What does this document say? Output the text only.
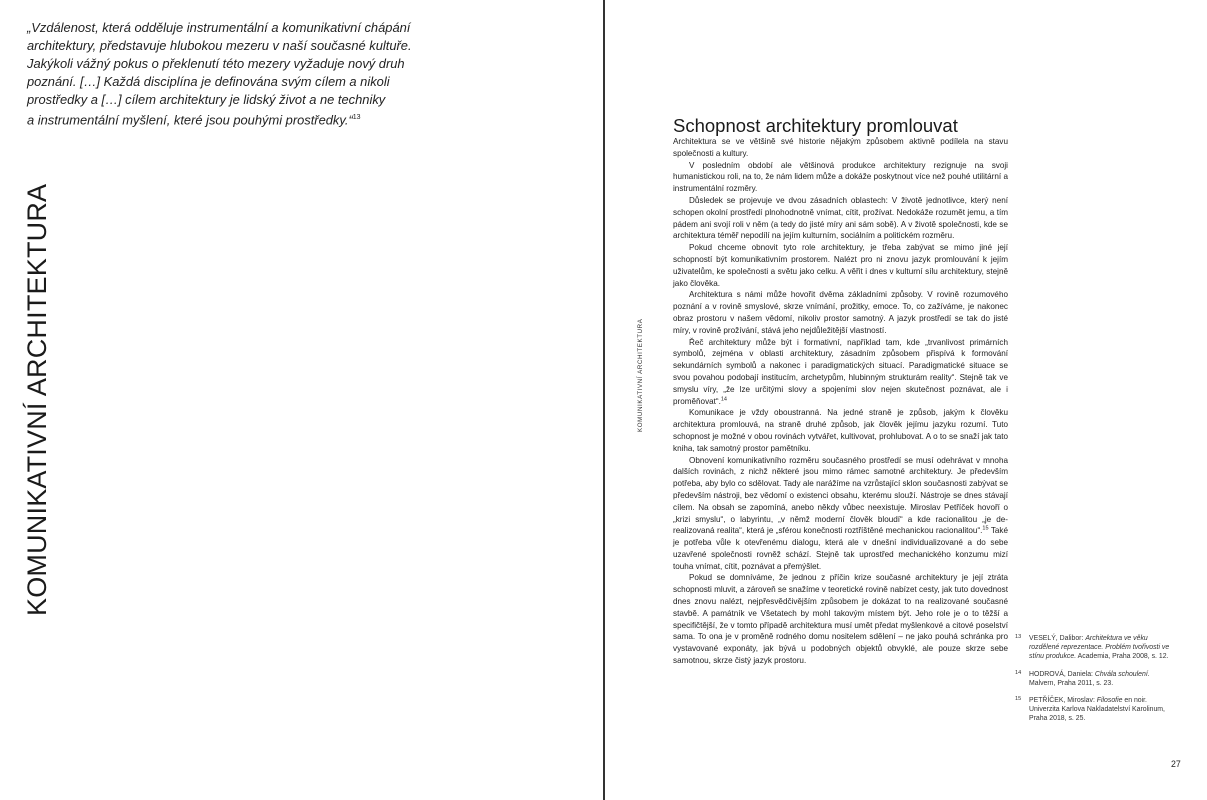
„Vzdálenost, která odděluje instrumentální a komunikativní chápání
architektury, představuje hlubokou mezeru v naší současné kultuře.
Jakýkoli vážný pokus o překlenutí této mezery vyžaduje nový druh
poznání. […] Každá disciplína je definována svým cílem a nikoli
prostředky a […] cílem architektury je lidský život a ne techniky
a instrumentální myšlení, které jsou pouhými prostředky.“$^{13}$
KOMUNIKATIVNÍ ARCHITEKTURA	KOMUNIKATIVNÍ ARCHITEKTURA

Schopnost architektury promlouvat

Architektura se ve většině své historie nějakým způsobem aktivně podílela na stavu společnosti a kultury.

V posledním období ale většinová produkce architektury rezignuje na svoji humanistickou roli, na to, že nám lidem může a dokáže poskytnout více než pouhé utilitární a instrumentální rozměry.

Důsledek se projevuje ve dvou zásadních oblastech: V životě jednotlivce, který není schopen okolní prostředí plnohodnotně vnímat, cítit, prožívat. Nedokáže rozumět jemu, a tím pádem ani svojí roli v něm (a tedy do jisté míry ani sám sobě). A v životě společnosti, kde se architektura téměř nepodílí na jejím kulturním, sociálním a politickém rozměru.

Pokud chceme obnovit tyto role architektury, je třeba zabývat se mimo jiné její schopností být komunikativním prostorem. Nalézt pro ni znovu jazyk promlouvání k jejím uživatelům, ke společnosti a světu jako celku. A věřit i dnes v kulturní sílu architektury, stejně jako člověka.

Architektura s námi může hovořit dvěma základními způsoby. V rovině rozumového poznání a v rovině smyslové, skrze vnímání, prožitky, emoce. To, co zažíváme, je nakonec obraz prostoru v našem vědomí, nikoliv prostor samotný. A jazyk prostředí se tak do jisté míry, v rovině prožívání, stává jeho nejdůležitější vlastností.

Řeč architektury může být i formativní, například tam, kde „trvanlivost primárních symbolů, zejména v oblasti architektury, zásadním způsobem přispívá k formování sekundárních symbolů a nakonec i paradigmatických situací. Paradigmatické situace se svou povahou podobají institucím, archetypům, hlubinným strukturám reality“. Stejně tak ve smyslu víry, „že lze určitými slovy a spojeními slov nejen skutečnost poznávat, ale i proměňovat“.$^{14}$

Komunikace je vždy oboustranná. Na jedné straně je způsob, jakým k člověku architektura promlouvá, na straně druhé způsob, jak člověk jejímu jazyku rozumí. Tuto schopnost je možné v obou rovinách vytvářet, kultivovat, prohlubovat. A o to se snaží jak tato kniha, tak samotný prostor pamětníku.

Obnovení komunikativního rozměru současného prostředí se musí odehrávat v mnoha dalších rovinách, z nichž některé jsou mimo rámec samotné architektury. Je především potřeba, aby bylo co sdělovat. Tady ale narážíme na vzrůstající sklon současnosti zabývat se především nástroji, bez vědomí o existenci obsahu, kterému slouží. Nástroje se dnes stávají cílem. Na obsah se zapomíná, anebo někdy vůbec neexistuje. Miroslav Petříček hovoří o „krizi smyslu“, o labyrintu, „v němž moderní člověk bloudí“ a kde racionalitou „je de-realizovaná realita“, která je „sférou konečnosti roztříštěné mechanickou racionalitou“.$^{15}$ Také je potřeba vůle k otevřenému dialogu, která ale v dnešní individualizované a do sebe uzavřené společnosti rovněž schází. Stejně tak uprostřed mechanického konzumu mizí touha vnímat, cítit, poznávat a přemýšlet.

Pokud se domníváme, že jednou z příčin krize současné architektury je její ztráta schopnosti mluvit, a zároveň se snažíme v teoretické rovině nabízet cesty, jak tuto dovednost dnes znovu nalézt, nejpřesvědčivějším způsobem je dokázat to na realizované současné stavbě. A památník ve Všetatech by mohl takovým místem být. Jeho role je o to těžší a specifičtější, že v tomto případě architektura musí umět předat myšlenkové a citové poselství sama. To ona je v proměně rodného domu nositelem sdělení – ne jako pouhá schránka pro vystavované exponáty, jak bývá u podobných objektů obvyklé, ale pouze skrze sebe samotnou, skrze čistý jazyk prostoru.

13	VESELÝ, Dalibor: Architektura ve věku rozdělené reprezentace. Problém tvořivosti ve stínu produkce. Academia, Praha 2008, s. 12.
14	HODROVÁ, Daniela: Chvála schoulení. Malvern, Praha 2011, s. 23.
15	PETŘÍČEK, Miroslav: Filosofie en noir. Univerzita Karlova Nakladatelství Karolinum, Praha 2018, s. 25.

27
